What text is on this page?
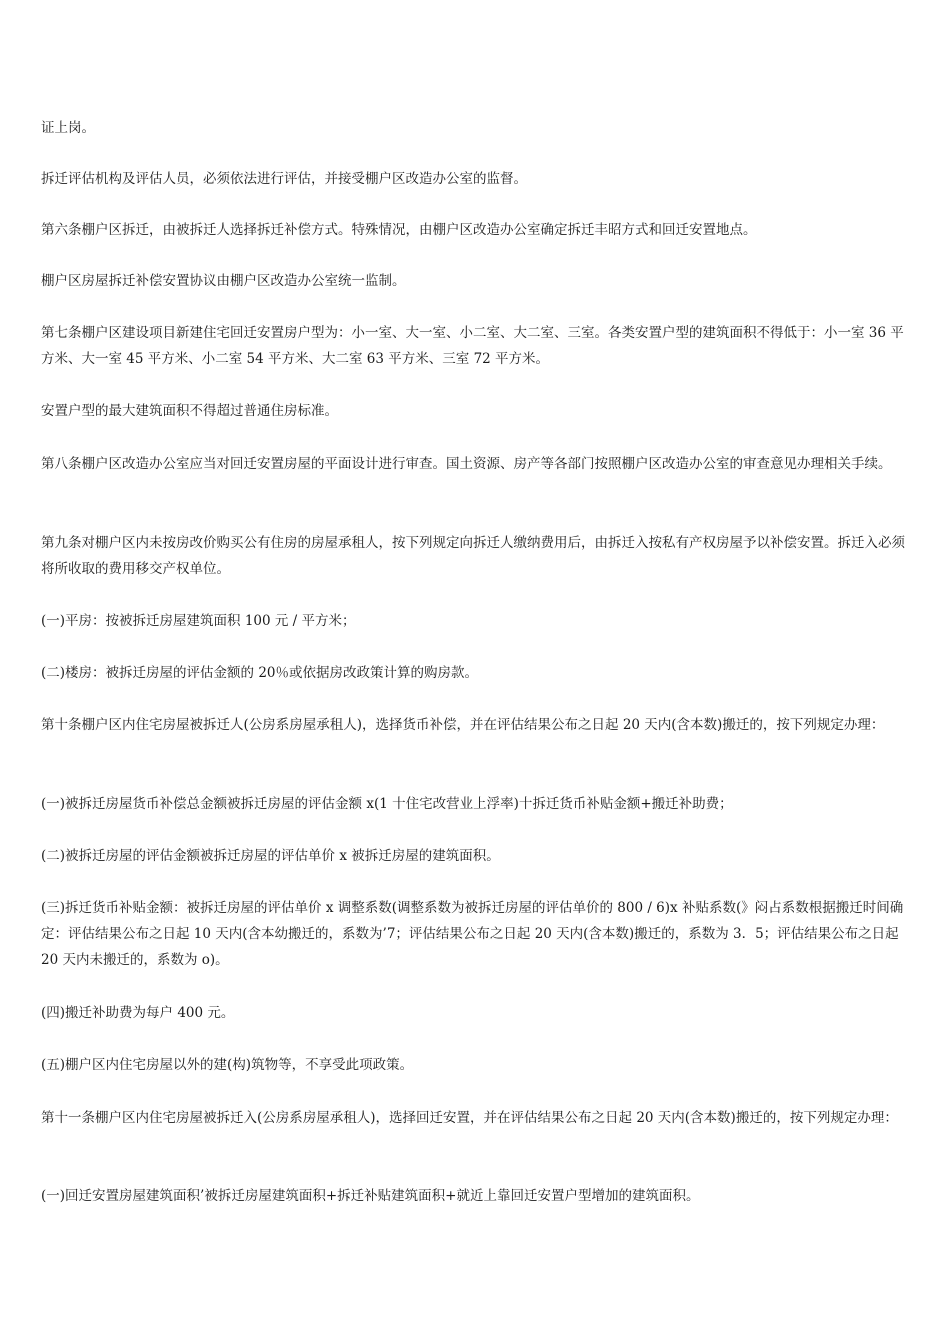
证上岗。

拆迁评估机构及评估人员，必须依法进行评估，并接受棚户区改造办公室的监督。

第六条棚户区拆迁，由被拆迁人选择拆迁补偿方式。特殊情况，由棚户区改造办公室确定拆迁丰昭方式和回迁安置地点。

棚户区房屋拆迁补偿安置协议由棚户区改造办公室统一监制。

第七条棚户区建设项目新建住宅回迁安置房户型为：小一室、大一室、小二室、大二室、三室。各类安置户型的建筑面积不得低于：小一室 36 平方米、大一室 45 平方米、小二室 54 平方米、大二室 63 平方米、三室 72 平方米。

安置户型的最大建筑面积不得超过普通住房标准。

第八条棚户区改造办公室应当对回迁安置房屋的平面设计进行审查。国土资源、房产等各部门按照棚户区改造办公室的审查意见办理相关手续。

第九条对棚户区内未按房改价购买公有住房的房屋承租人，按下列规定向拆迁人缴纳费用后，由拆迁入按私有产权房屋予以补偿安置。拆迁入必须将所收取的费用移交产权单位。

(一)平房：按被拆迁房屋建筑面积 100 元 / 平方米；

(二)楼房：被拆迁房屋的评估金额的 20％或依据房改政策计算的购房款。

第十条棚户区内住宅房屋被拆迁人(公房系房屋承租人)，选择货币补偿，并在评估结果公布之日起 20 天内(含本数)搬迁的，按下列规定办理：

(一)被拆迁房屋货币补偿总金额被拆迁房屋的评估金额 x(1 十住宅改营业上浮率)十拆迁货币补贴金额+搬迁补助费；

(二)被拆迁房屋的评估金额被拆迁房屋的评估单价 x 被拆迁房屋的建筑面积。

(三)拆迁货币补贴金额：被拆迁房屋的评估单价 x 调整系数(调整系数为被拆迁房屋的评估单价的 800 / 6)x 补贴系数(》闷占系数根据搬迁时间确定：评估结果公布之日起 10 天内(含本幼搬迁的，系数为’7；评估结果公布之日起 20 天内(含本数)搬迁的，系数为 3．5；评估结果公布之日起 20 天内未搬迁的，系数为 o)。

(四)搬迁补助费为每户 400 元。

(五)棚户区内住宅房屋以外的建(构)筑物等，不享受此项政策。

第十一条棚户区内住宅房屋被拆迁入(公房系房屋承租人)，选择回迁安置，并在评估结果公布之日起 20 天内(含本数)搬迁的，按下列规定办理：

(一)回迁安置房屋建筑面积’被拆迁房屋建筑面积+拆迁补贴建筑面积+就近上靠回迁安置户型增加的建筑面积。
